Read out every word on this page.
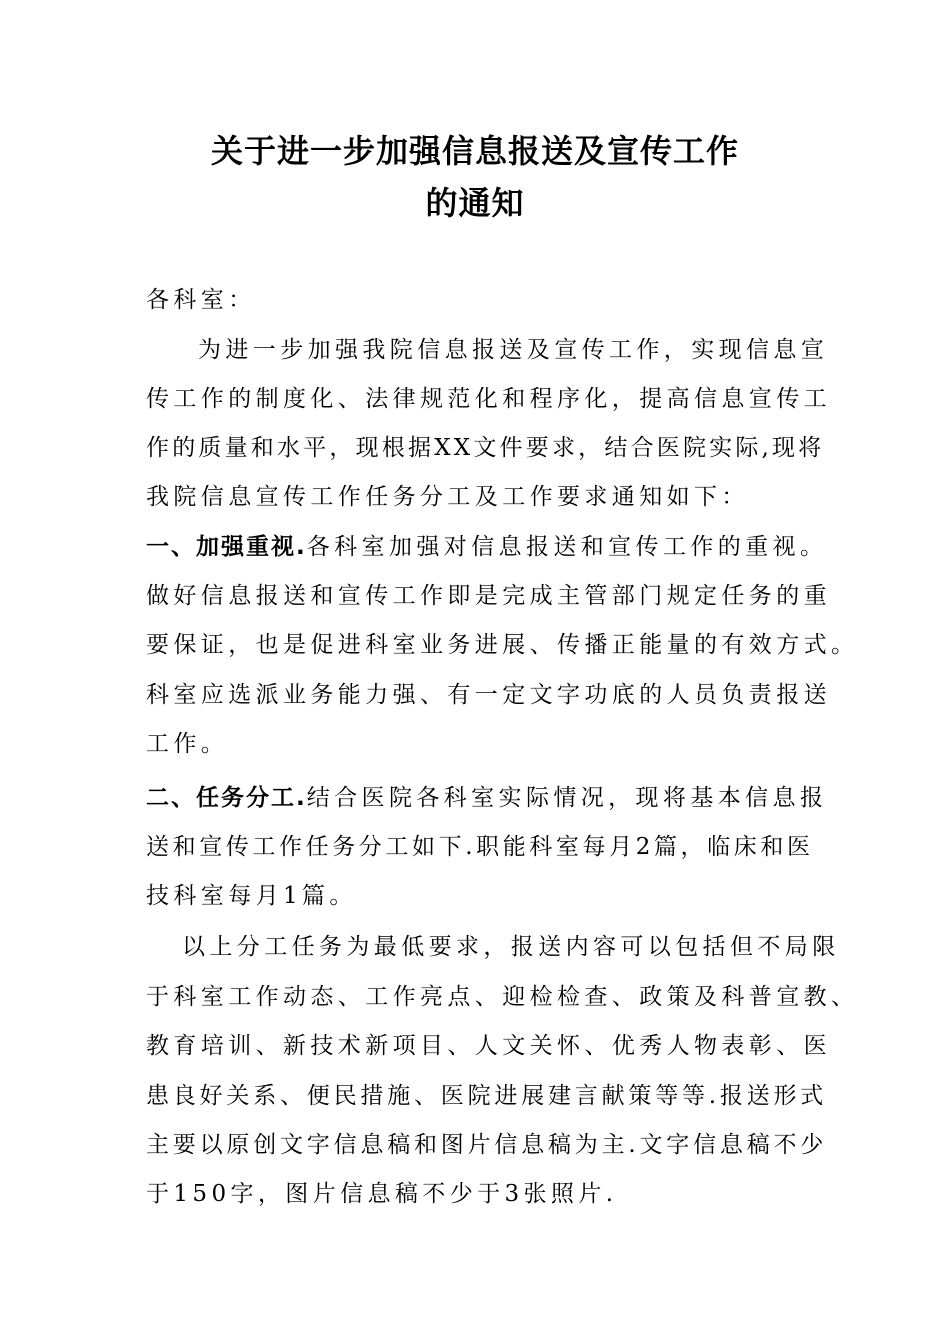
关于进一步加强信息报送及宣传工作
的通知
各科室：
为进一步加强我院信息报送及宣传工作，实现信息宣
传工作的制度化、法律规范化和程序化，提高信息宣传工
作的质量和水平，现根据XX文件要求，结合医院实际,现将
我院信息宣传工作任务分工及工作要求通知如下：
一、加强重视.各科室加强对信息报送和宣传工作的重视。
做好信息报送和宣传工作即是完成主管部门规定任务的重
要保证，也是促进科室业务进展、传播正能量的有效方式。
科室应选派业务能力强、有一定文字功底的人员负责报送
工作。
二、任务分工.结合医院各科室实际情况，现将基本信息报
送和宣传工作任务分工如下.职能科室每月2篇，临床和医
技科室每月1篇。
以上分工任务为最低要求，报送内容可以包括但不局限
于科室工作动态、工作亮点、迎检检查、政策及科普宣教、
教育培训、新技术新项目、人文关怀、优秀人物表彰、医
患良好关系、便民措施、医院进展建言献策等等.报送形式
主要以原创文字信息稿和图片信息稿为主.文字信息稿不少
于150字，图片信息稿不少于3张照片.
